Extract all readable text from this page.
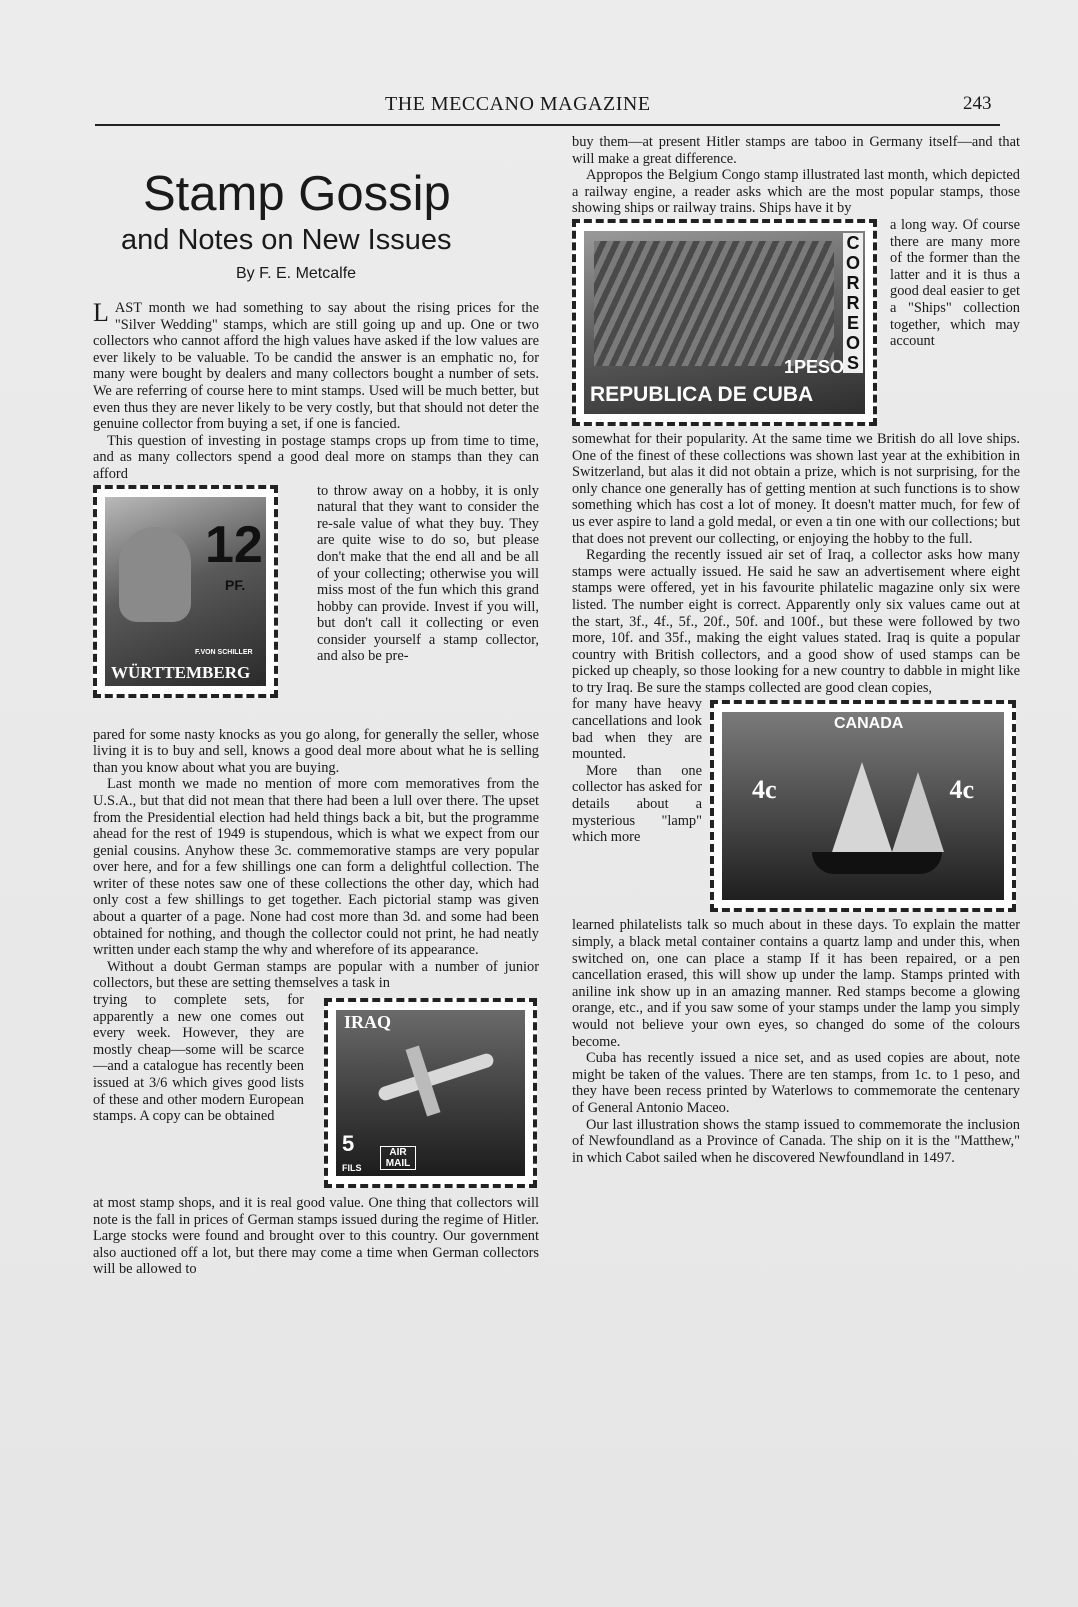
THE MECCANO MAGAZINE	243
Stamp Gossip
and Notes on New Issues
By F. E. Metcalfe

LAST month we had something to say about the rising prices for the "Silver Wedding" stamps, which are still going up and up. One or two collectors who cannot afford the high values have asked if the low values are ever likely to be valuable. To be candid the answer is an emphatic no, for many were bought by dealers and many collectors bought a number of sets. We are referring of course here to mint stamps. Used will be much better, but even thus they are never likely to be very costly, but that should not deter the genuine collector from buying a set, if one is fancied.

This question of investing in postage stamps crops up from time to time, and as many collectors spend a good deal more on stamps than they can afford

12
PF.
F.VON SCHILLER
WÜRTTEMBERG

to throw away on a hobby, it is only natural that they want to consider the re-sale value of what they buy. They are quite wise to do so, but please don't make that the end all and be all of your collecting; otherwise you will miss most of the fun which this grand hobby can provide. Invest if you will, but don't call it collecting or even consider yourself a stamp collector, and also be pre-

pared for some nasty knocks as you go along, for generally the seller, whose living it is to buy and sell, knows a good deal more about what he is selling than you know about what you are buying.

Last month we made no mention of more com memoratives from the U.S.A., but that did not mean that there had been a lull over there. The upset from the Presidential election had held things back a bit, but the programme ahead for the rest of 1949 is stupendous, which is what we expect from our genial cousins. Anyhow these 3c. commemorative stamps are very popular over here, and for a few shillings one can form a delightful collection. The writer of these notes saw one of these collections the other day, which had only cost a few shillings to get together. Each pictorial stamp was given about a quarter of a page. None had cost more than 3d. and some had been obtained for nothing, and though the collector could not print, he had neatly written under each stamp the why and wherefore of its appearance.

Without a doubt German stamps are popular with a number of junior collectors, but these are setting themselves a task in

IRAQ
5
FILS
AIR MAIL

trying to complete sets, for apparently a new one comes out every week. However, they are mostly cheap—some will be scarce—and a catalogue has recently been issued at 3/6 which gives good lists of these and other modern European stamps. A copy can be obtained

at most stamp shops, and it is real good value. One thing that collectors will note is the fall in prices of German stamps issued during the regime of Hitler. Large stocks were found and brought over to this country. Our government also auctioned off a lot, but there may come a time when German collectors will be allowed to

buy them—at present Hitler stamps are taboo in Germany itself—and that will make a great difference.

Appropos the Belgium Congo stamp illustrated last month, which depicted a railway engine, a reader asks which are the most popular stamps, those showing ships or railway trains. Ships have it by

CORREOS
1PESO
REPUBLICA DE CUBA

a long way. Of course there are many more of the former than the latter and it is thus a good deal easier to get a "Ships" collection together, which may account

somewhat for their popularity. At the same time we British do all love ships. One of the finest of these collections was shown last year at the exhibition in Switzerland, but alas it did not obtain a prize, which is not surprising, for the only chance one generally has of getting mention at such functions is to show something which has cost a lot of money. It doesn't matter much, for few of us ever aspire to land a gold medal, or even a tin one with our collections; but that does not prevent our collecting, or enjoying the hobby to the full.

Regarding the recently issued air set of Iraq, a collector asks how many stamps were actually issued. He said he saw an advertisement where eight stamps were offered, yet in his favourite philatelic magazine only six were listed. The number eight is correct. Apparently only six values came out at the start, 3f., 4f., 5f., 20f., 50f. and 100f., but these were followed by two more, 10f. and 35f., making the eight values stated. Iraq is quite a popular country with British collectors, and a good show of used stamps can be picked up cheaply, so those looking for a new country to dabble in might like to try Iraq. Be sure the stamps collected are good clean copies,

CANADA
4c	4c

for many have heavy cancellations and look bad when they are mounted.

More than one collector has asked for details about a mysterious "lamp" which more

learned philatelists talk so much about in these days. To explain the matter simply, a black metal container contains a quartz lamp and under this, when switched on, one can place a stamp If it has been repaired, or a pen cancellation erased, this will show up under the lamp. Stamps printed with aniline ink show up in an amazing manner. Red stamps become a glowing orange, etc., and if you saw some of your stamps under the lamp you simply would not believe your own eyes, so changed do some of the colours become.

Cuba has recently issued a nice set, and as used copies are about, note might be taken of the values. There are ten stamps, from 1c. to 1 peso, and they have been recess printed by Waterlows to commemorate the centenary of General Antonio Maceo.

Our last illustration shows the stamp issued to commemorate the inclusion of Newfoundland as a Province of Canada. The ship on it is the "Matthew," in which Cabot sailed when he discovered Newfoundland in 1497.
